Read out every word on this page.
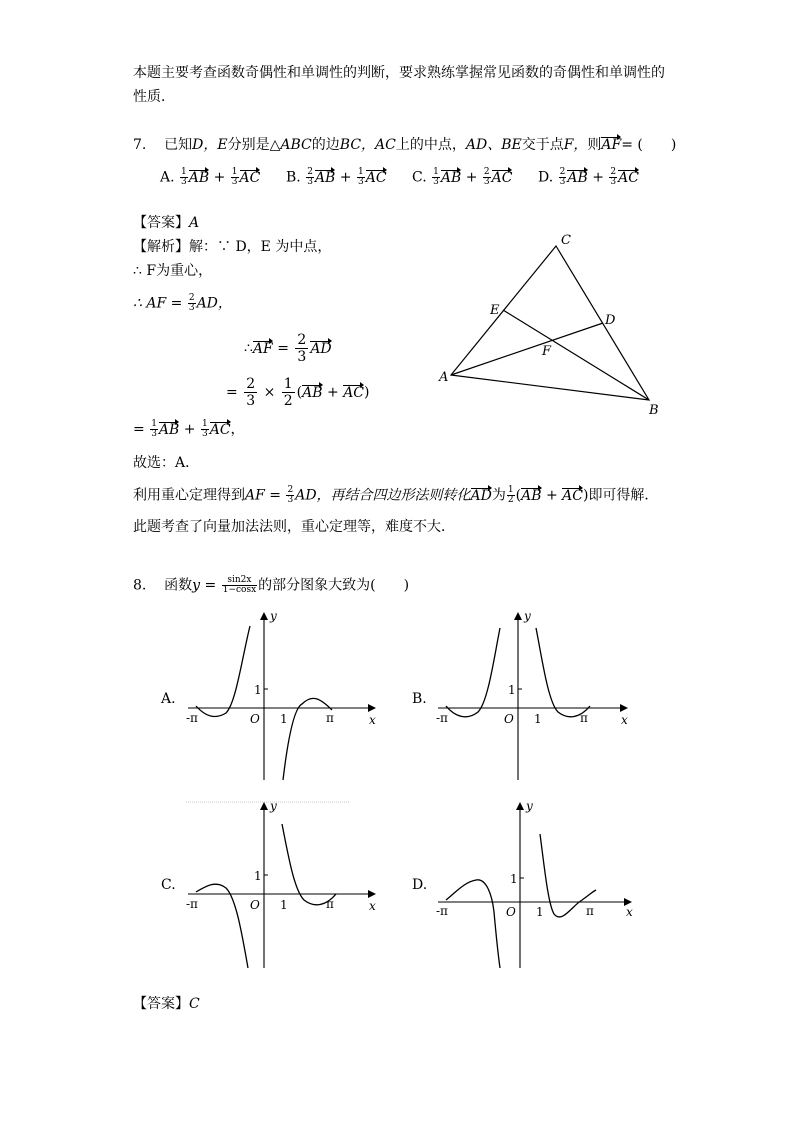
本题主要考查函数奇偶性和单调性的判断，要求熟练掌握常见函数的奇偶性和单调性的
性质．
7. 已知D，E分别是△ABC的边BC，AC上的中点，AD、BE交于点F，则AF= (　　)
A. $\frac{1}{3}$ AB + $\frac{1}{3}$ AC B. $\frac{2}{3}$ AB + $\frac{1}{3}$ AC C. $\frac{1}{3}$ AB + $\frac{2}{3}$ AC D. $\frac{2}{3}$ AB + $\frac{2}{3}$ AC
【答案】A
【解析】解：∵ D，E 为中点，
∴ F为重心，
∴ AF = $\frac{2}{3}$ AD，
∴AF = $\frac{2}{3}$ AD
= $\frac{2}{3} \times \frac{1}{2} (AB + AC)$
= $\frac{1}{3}$ AB + $\frac{1}{3}$ AC，
故选：A．
利用重心定理得到AF = $\frac{2}{3}$ AD，再结合四边形法则转化AD为 $\frac{1}{2} (AB + AC)$即可得解．
此题考查了向量加法法则，重心定理等，难度不大．
C
D
E
F
A
B
8. 函数$y = \frac{\sin 2x}{1-\cos x}$ 的部分图象大致为(　　)
A.	B.
C.	D.
y
x
O
1
1
-π	π
y
x
O
1
1
-π	π
y
x
O
1
1
-π	π
y
x
O
1
1
-π	π
【答案】C
